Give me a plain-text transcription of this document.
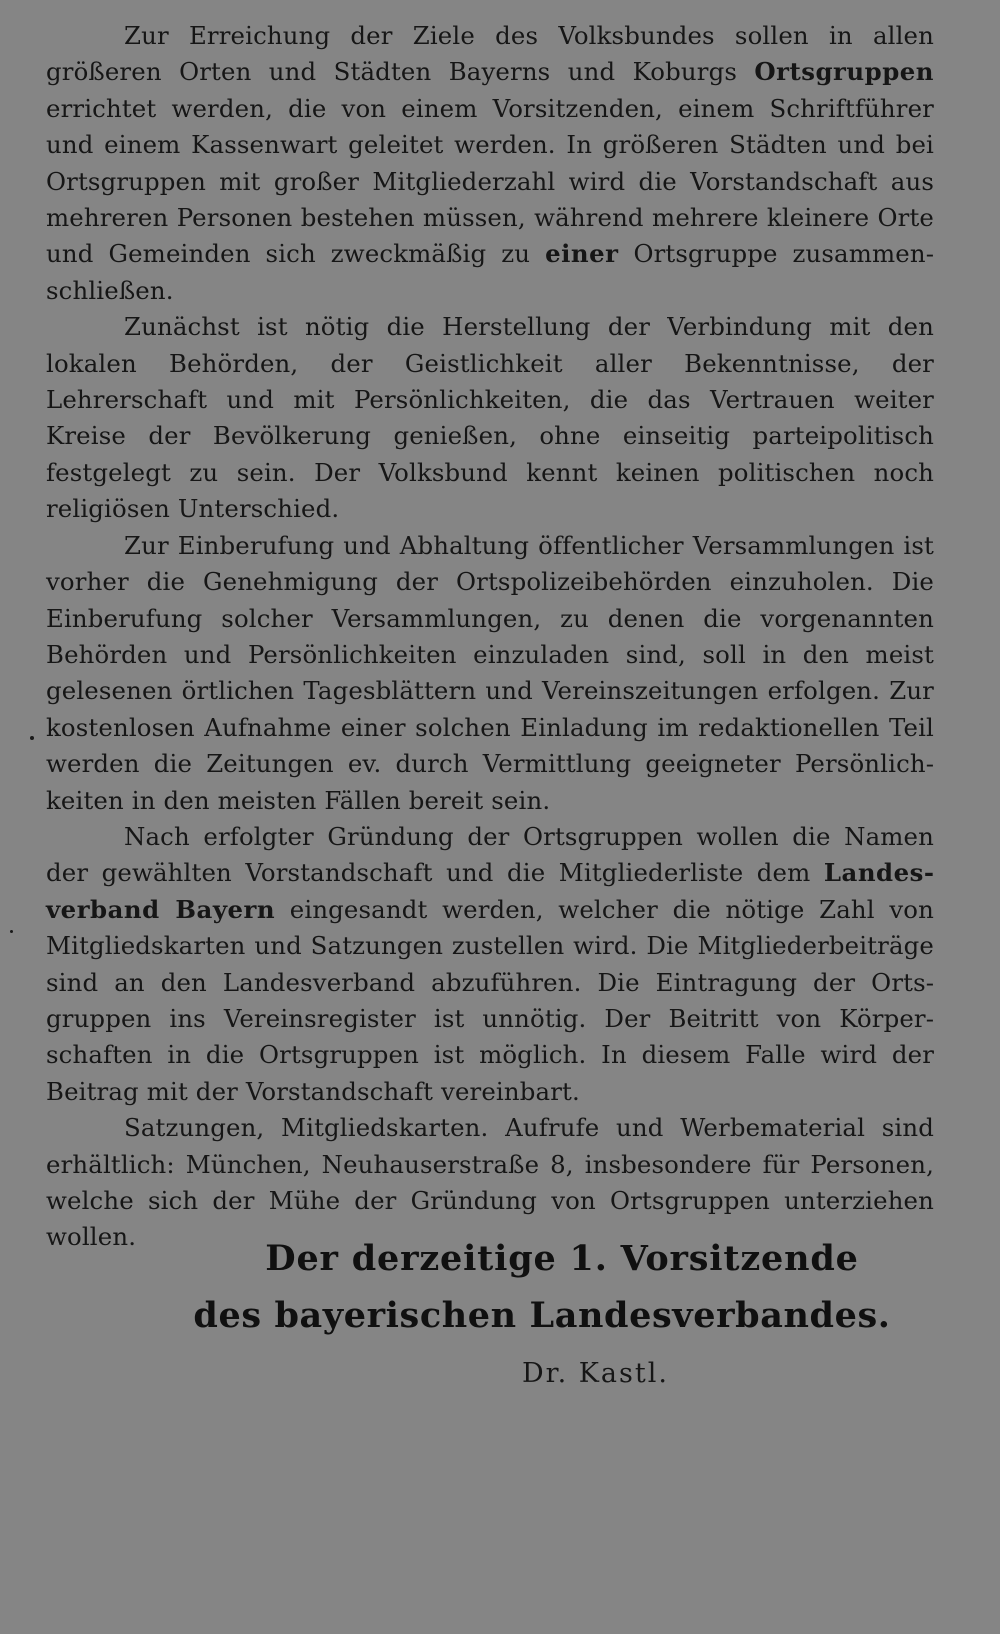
Zur Erreichung der Ziele des Volksbundes sollen in allen größeren Orten und Städten Bayerns und Koburgs Ortsgruppen errichtet werden, die von einem Vorsitzenden, einem Schriftführer und einem Kassenwart geleitet werden. In größeren Städten und bei Ortsgruppen mit großer Mitgliederzahl wird die Vorstandschaft aus mehreren Personen bestehen müssen, während mehrere kleinere Orte und Gemeinden sich zweckmäßig zu einer Ortsgruppe zusammenschließen.

Zunächst ist nötig die Herstellung der Verbindung mit den lokalen Behörden, der Geistlichkeit aller Bekenntnisse, der Lehrerschaft und mit Persönlichkeiten, die das Vertrauen weiter Kreise der Bevölkerung genießen, ohne einseitig parteipolitisch festgelegt zu sein. Der Volksbund kennt keinen politischen noch religiösen Unterschied.

Zur Einberufung und Abhaltung öffentlicher Versammlungen ist vorher die Genehmigung der Ortspolizeibehörden einzuholen. Die Einberufung solcher Versammlungen, zu denen die vorgenannten Behörden und Persönlichkeiten einzuladen sind, soll in den meist gelesenen örtlichen Tagesblättern und Vereinszeitungen erfolgen. Zur kostenlosen Aufnahme einer solchen Einladung im redaktionellen Teil werden die Zeitungen ev. durch Vermittlung geeigneter Persönlichkeiten in den meisten Fällen bereit sein.

Nach erfolgter Gründung der Ortsgruppen wollen die Namen der gewählten Vorstandschaft und die Mitgliederliste dem Landesverband Bayern eingesandt werden, welcher die nötige Zahl von Mitgliedskarten und Satzungen zustellen wird. Die Mitgliederbeiträge sind an den Landesverband abzuführen. Die Eintragung der Ortsgruppen ins Vereinsregister ist unnötig. Der Beitritt von Körperschaften in die Ortsgruppen ist möglich. In diesem Falle wird der Beitrag mit der Vorstandschaft vereinbart.

Satzungen, Mitgliedskarten. Aufrufe und Werbematerial sind erhältlich: München, Neuhauserstraße 8, insbesondere für Personen, welche sich der Mühe der Gründung von Ortsgruppen unterziehen wollen.

Der derzeitige 1. Vorsitzende
des bayerischen Landesverbandes.
Dr. Kastl.
